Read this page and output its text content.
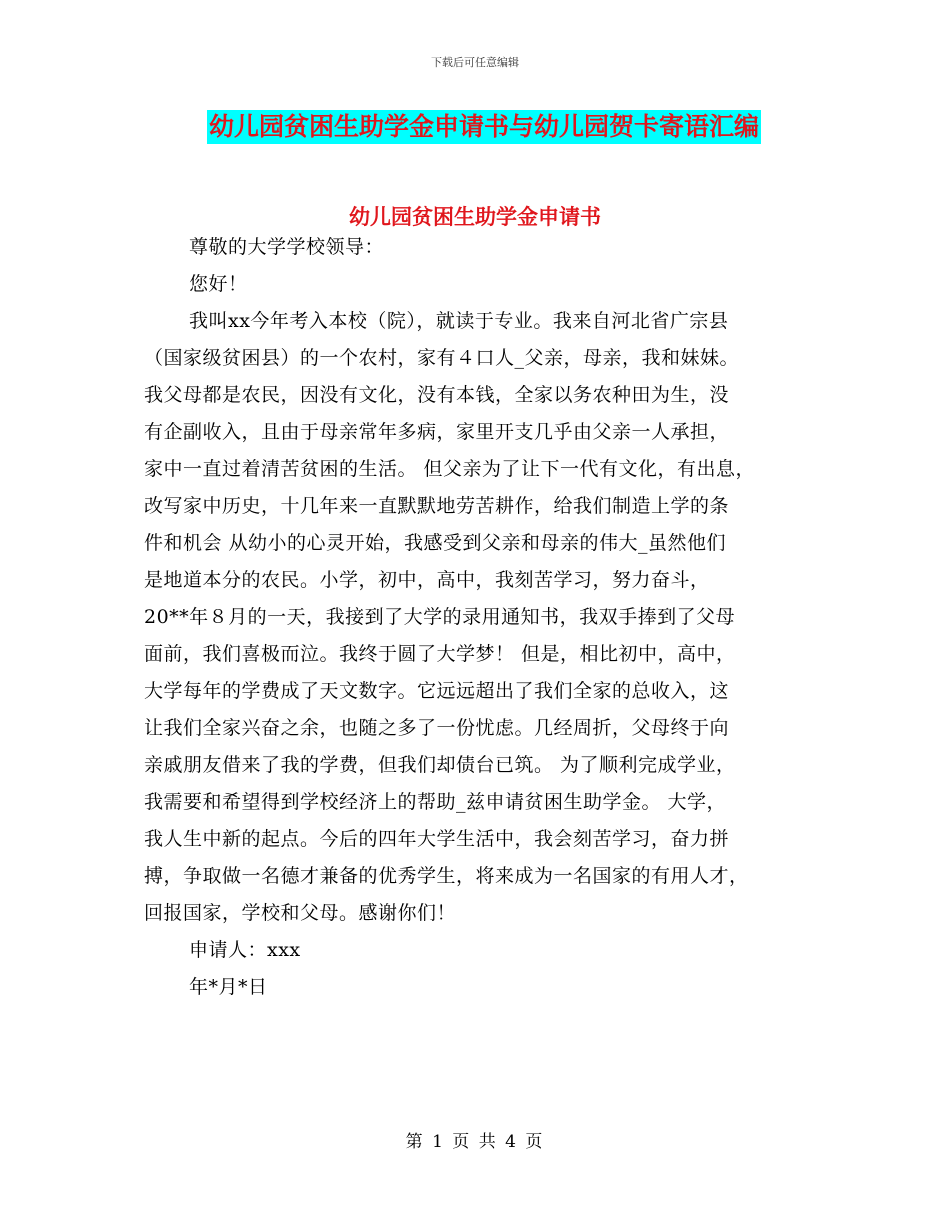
下载后可任意编辑
幼儿园贫困生助学金申请书与幼儿园贺卡寄语汇编
幼儿园贫困生助学金申请书
尊敬的大学学校领导：
您好！
我叫xx今年考入本校（院），就读于专业。我来自河北省广宗县
（国家级贫困县）的一个农村，家有４口人_父亲，母亲，我和妹妹。
我父母都是农民，因没有文化，没有本钱，全家以务农种田为生，没
有企副收入，且由于母亲常年多病，家里开支几乎由父亲一人承担，
家中一直过着清苦贫困的生活。 但父亲为了让下一代有文化，有出息，
改写家中历史，十几年来一直默默地劳苦耕作，给我们制造上学的条
件和机会 从幼小的心灵开始，我感受到父亲和母亲的伟大_虽然他们
是地道本分的农民。小学，初中，高中，我刻苦学习，努力奋斗，
20**年８月的一天，我接到了大学的录用通知书，我双手捧到了父母
面前，我们喜极而泣。我终于圆了大学梦！ 但是，相比初中，高中，
大学每年的学费成了天文数字。它远远超出了我们全家的总收入，这
让我们全家兴奋之余，也随之多了一份忧虑。几经周折，父母终于向
亲戚朋友借来了我的学费，但我们却债台已筑。 为了顺利完成学业，
我需要和希望得到学校经济上的帮助_兹申请贫困生助学金。 大学，
我人生中新的起点。今后的四年大学生活中，我会刻苦学习，奋力拼
搏，争取做一名德才兼备的优秀学生，将来成为一名国家的有用人才，
回报国家，学校和父母。感谢你们！
申请人：xxx
年*月*日
第 1 页 共 4 页
